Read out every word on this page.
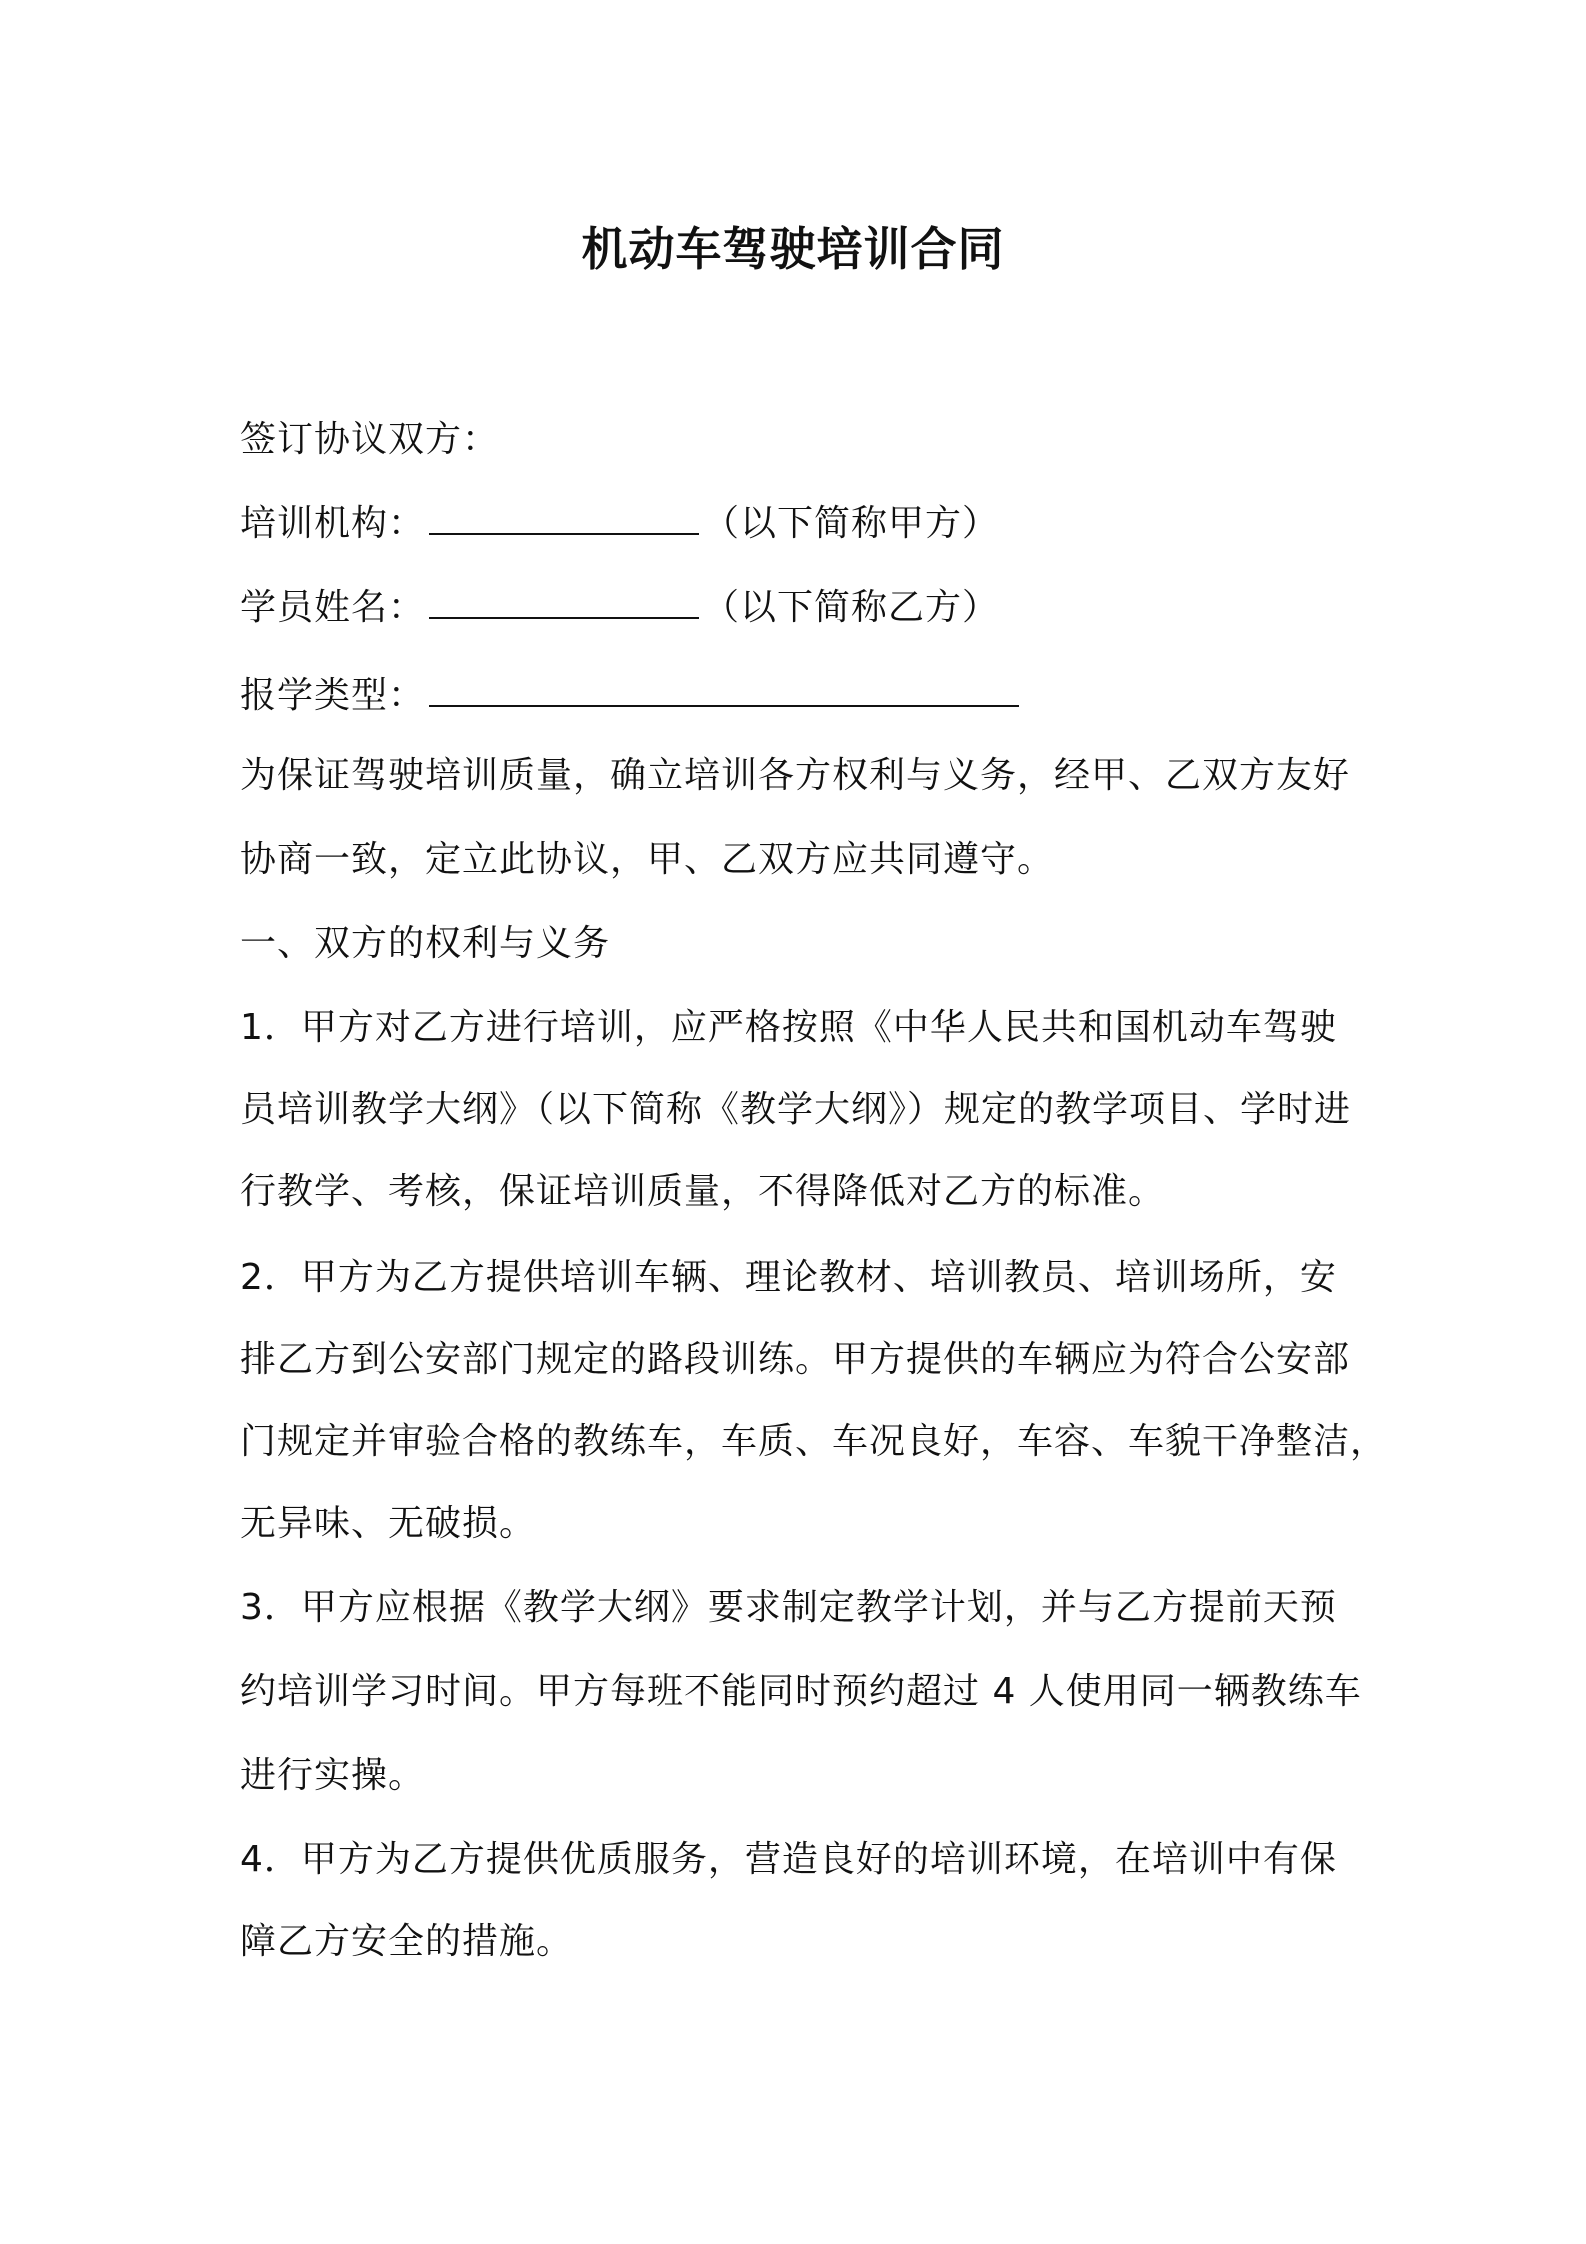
机动车驾驶培训合同
签订协议双方：
培训机构：	（以下简称甲方）
学员姓名：	（以下简称乙方）
报学类型：
为保证驾驶培训质量，确立培训各方权利与义务，经甲、乙双方友好
协商一致，定立此协议，甲、乙双方应共同遵守。
一、双方的权利与义务
1．甲方对乙方进行培训，应严格按照《中华人民共和国机动车驾驶
员培训教学大纲》（以下简称《教学大纲》）规定的教学项目、学时进
行教学、考核，保证培训质量，不得降低对乙方的标准。
2．甲方为乙方提供培训车辆、理论教材、培训教员、培训场所，安
排乙方到公安部门规定的路段训练。甲方提供的车辆应为符合公安部
门规定并审验合格的教练车，车质、车况良好，车容、车貌干净整洁，
无异味、无破损。
3．甲方应根据《教学大纲》要求制定教学计划，并与乙方提前天预
约培训学习时间。甲方每班不能同时预约超过 4 人使用同一辆教练车
进行实操。
4．甲方为乙方提供优质服务，营造良好的培训环境，在培训中有保
障乙方安全的措施。
